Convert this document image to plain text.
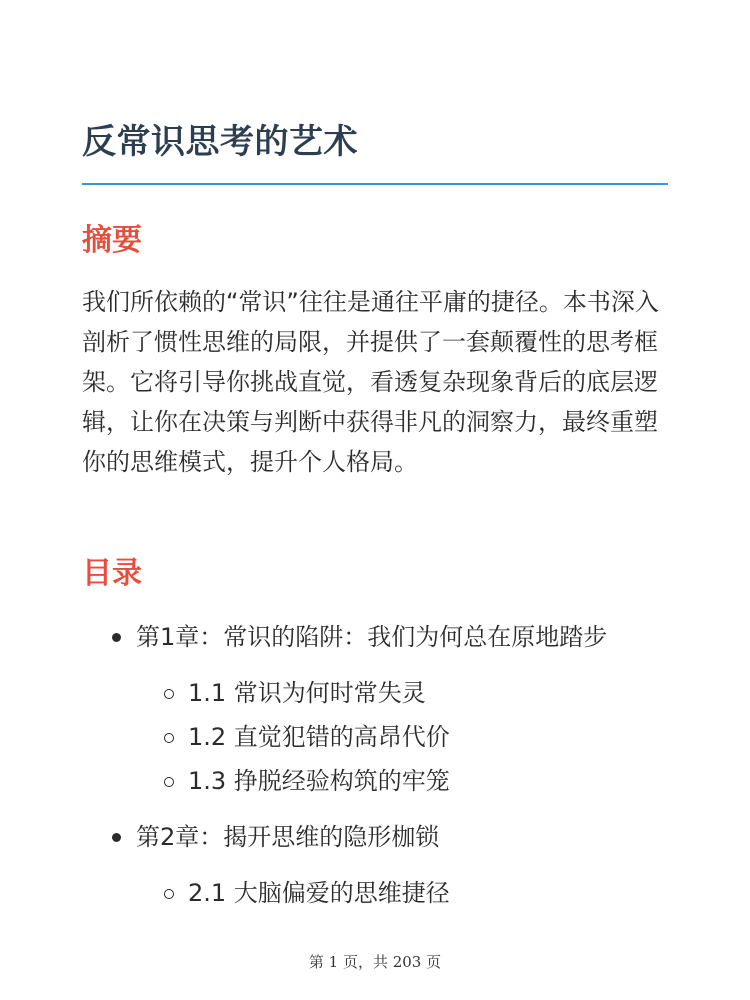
反常识思考的艺术
摘要

我们所依赖的“常识”往往是通往平庸的捷径。本书深入剖析了惯性思维的局限，并提供了一套颠覆性的思考框架。它将引导你挑战直觉，看透复杂现象背后的底层逻辑，让你在决策与判断中获得非凡的洞察力，最终重塑你的思维模式，提升个人格局。

目录
第1章：常识的陷阱：我们为何总在原地踏步
1.1 常识为何时常失灵
1.2 直觉犯错的高昂代价
1.3 挣脱经验构筑的牢笼
第2章：揭开思维的隐形枷锁
2.1 大脑偏爱的思维捷径
第 1 页，共 203 页
